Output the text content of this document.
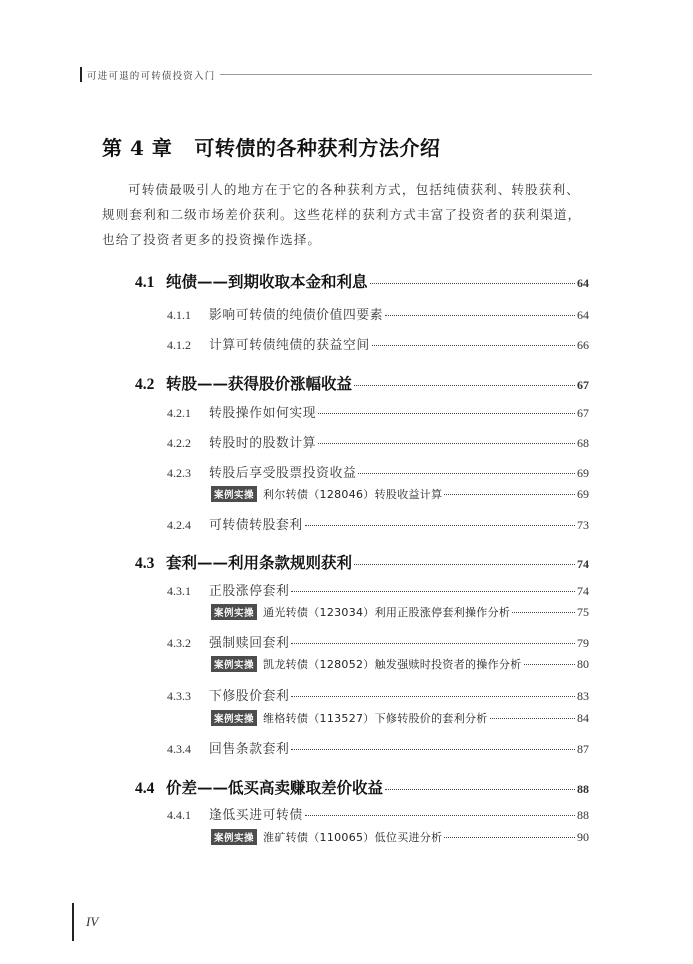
可进可退的可转债投资入门
第 4 章 可转债的各种获利方法介绍
可转债最吸引人的地方在于它的各种获利方式，包括纯债获利、转股获利、
规则套利和二级市场差价获利。这些花样的获利方式丰富了投资者的获利渠道，
也给了投资者更多的投资操作选择。
4.1 纯债——到期收取本金和利息	64
4.1.1	影响可转债的纯债价值四要素	64
4.1.2	计算可转债纯债的获益空间	66
4.2 转股——获得股价涨幅收益	67
4.2.1	转股操作如何实现	67
4.2.2	转股时的股数计算	68
4.2.3	转股后享受股票投资收益	69
案例实操 利尔转债（128046）转股收益计算	69
4.2.4	可转债转股套利	73
4.3 套利——利用条款规则获利	74
4.3.1	正股涨停套利	74
案例实操 通光转债（123034）利用正股涨停套利操作分析	75
4.3.2	强制赎回套利	79
案例实操 凯龙转债（128052）触发强赎时投资者的操作分析	80
4.3.3	下修股价套利	83
案例实操 维格转债（113527）下修转股价的套利分析	84
4.3.4	回售条款套利	87
4.4 价差——低买高卖赚取差价收益	88
4.4.1	逢低买进可转债	88
案例实操 淮矿转债（110065）低位买进分析	90
IV
